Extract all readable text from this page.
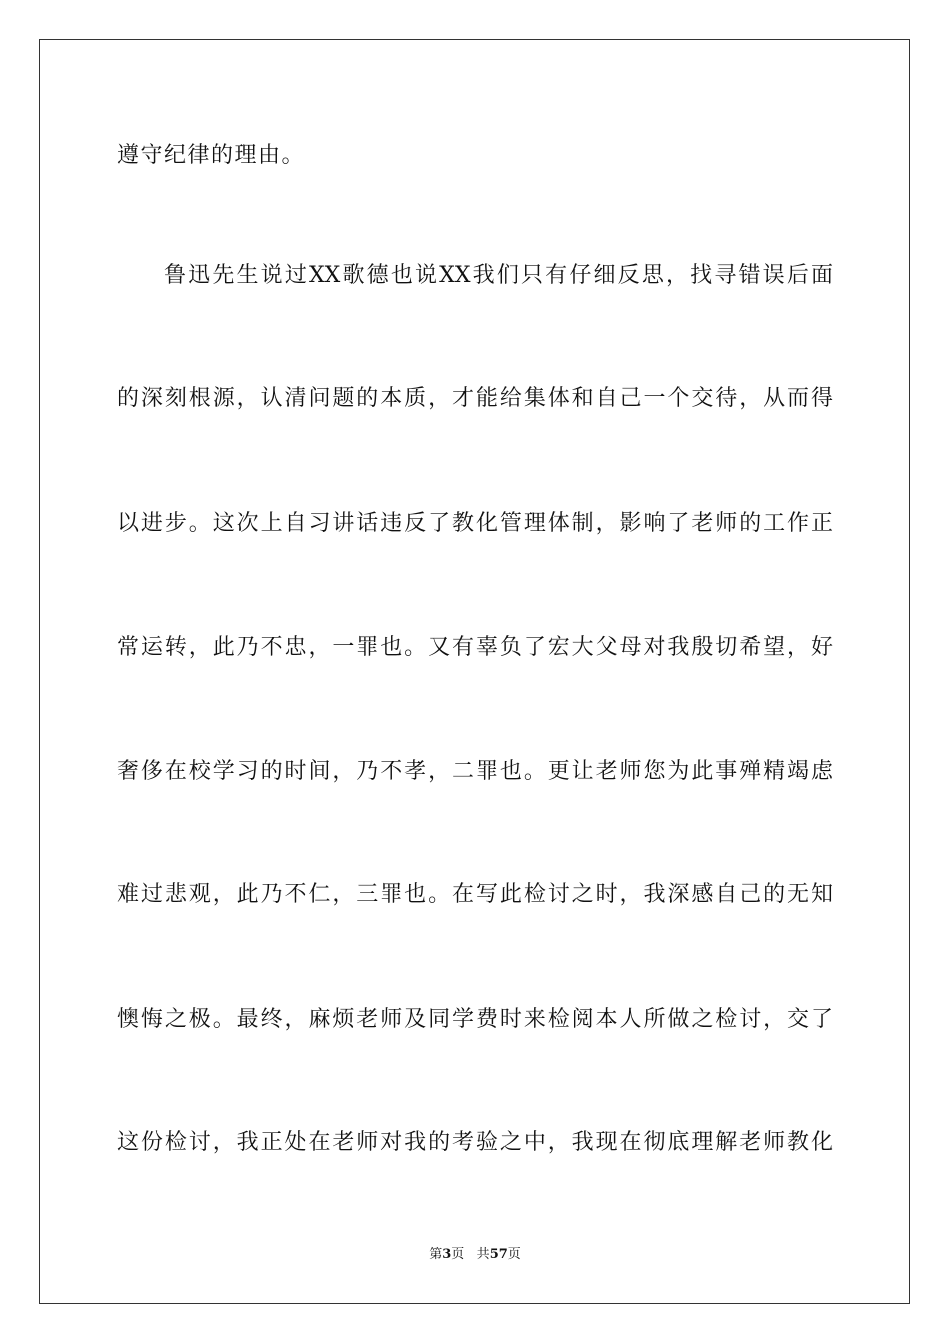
遵守纪律的理由。
鲁迅先生说过XX歌德也说XX我们只有仔细反思，找寻错误后面
的深刻根源，认清问题的本质，才能给集体和自己一个交待，从而得
以进步。这次上自习讲话违反了教化管理体制，影响了老师的工作正
常运转，此乃不忠，一罪也。又有辜负了宏大父母对我殷切希望，好
奢侈在校学习的时间，乃不孝，二罪也。更让老师您为此事殚精竭虑
难过悲观，此乃不仁，三罪也。在写此检讨之时，我深感自己的无知
懊悔之极。最终，麻烦老师及同学费时来检阅本人所做之检讨，交了
这份检讨，我正处在老师对我的考验之中，我现在彻底理解老师教化
第3页 共57页
